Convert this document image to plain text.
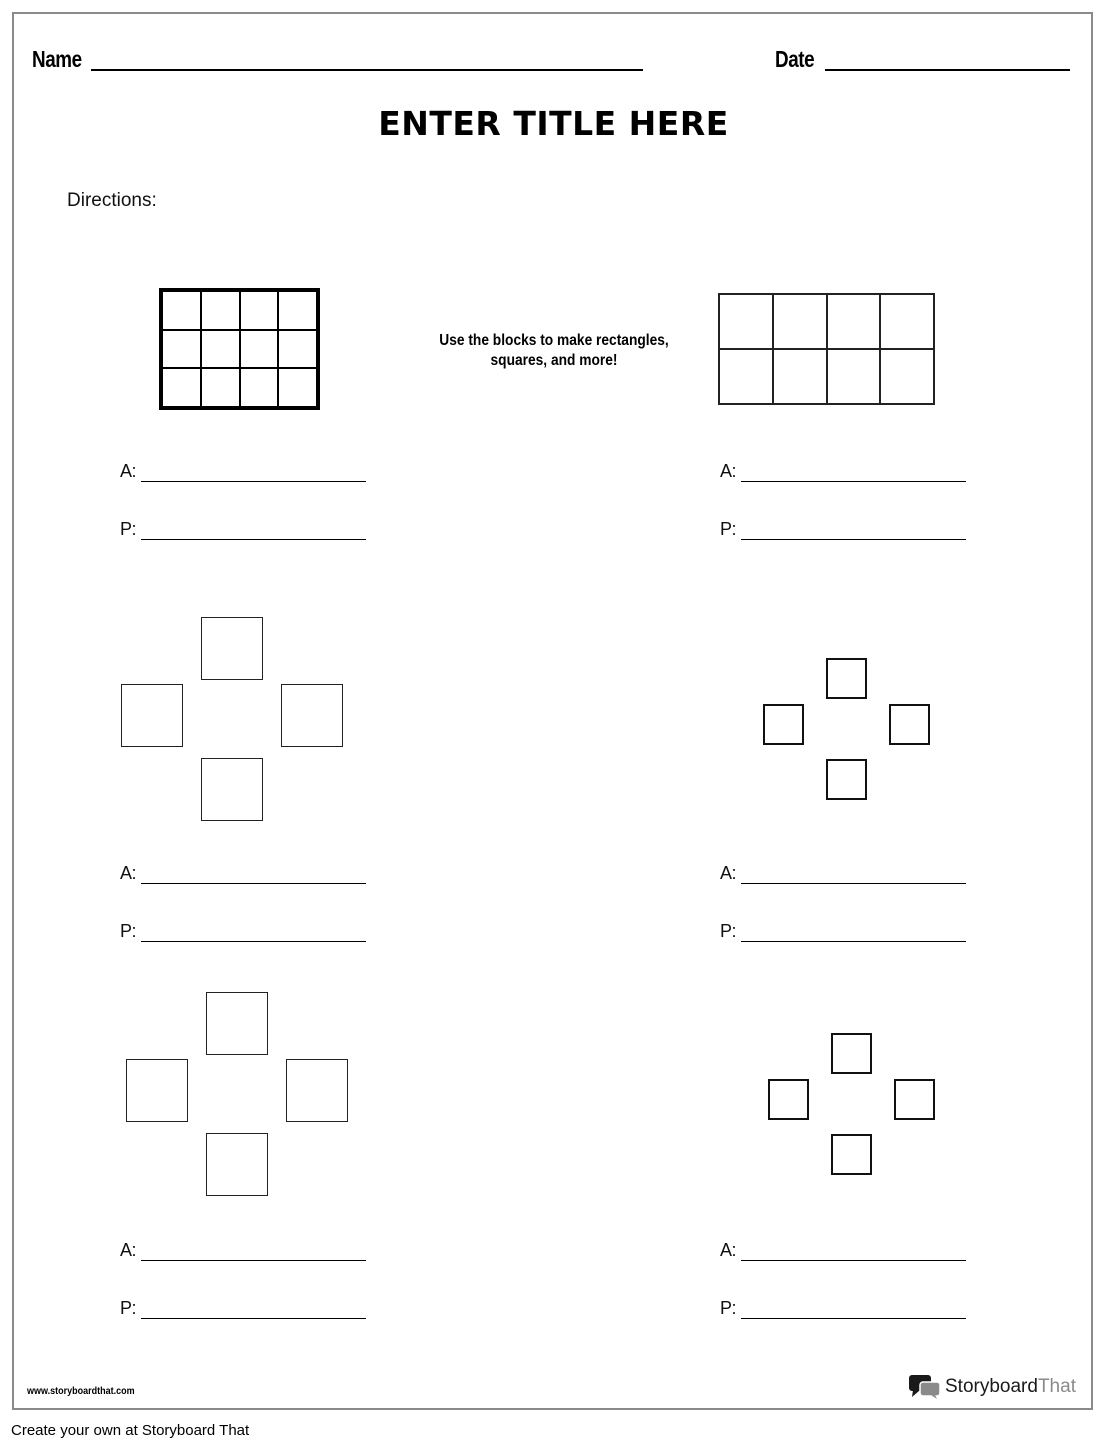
Name	Date
ENTER TITLE HERE
Directions:
Use the blocks to make rectangles, squares, and more!
A:
P:
A:
P:
A:
P:
A:
P:
A:
P:
A:
P:
www.storyboardthat.com	StoryboardThat
Create your own at Storyboard That
